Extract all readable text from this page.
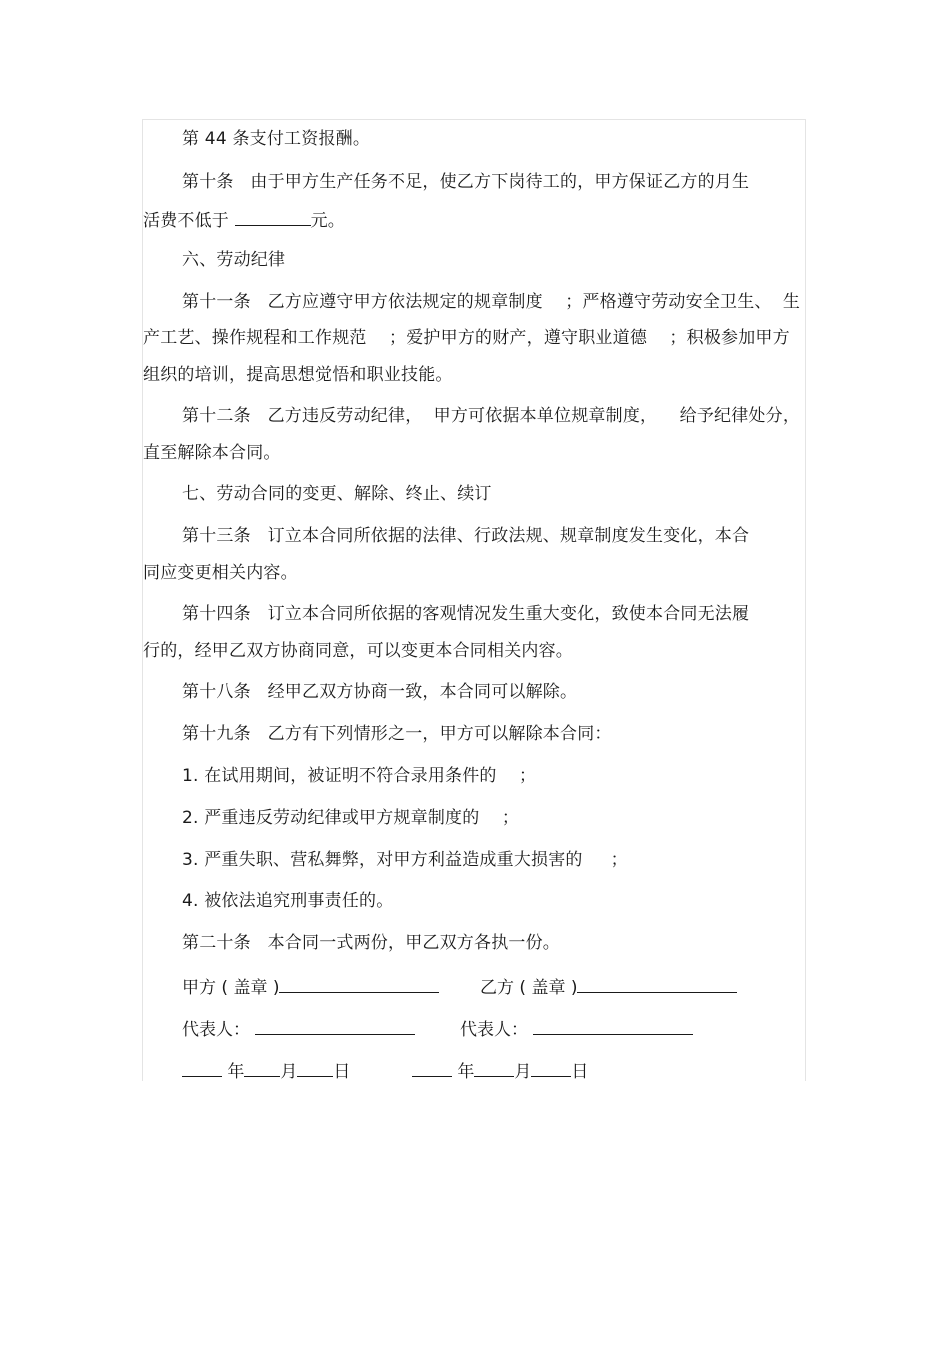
第 44 条支付工资报酬。
第十条   由于甲方生产任务不足，使乙方下岗待工的，甲方保证乙方的月生
活费不低于	元。
六、劳动纪律
第十一条   乙方应遵守甲方依法规定的规章制度    ；严格遵守劳动安全卫生、  生
产工艺、操作规程和工作规范    ；爱护甲方的财产，遵守职业道德    ；积极参加甲方
组织的培训，提高思想觉悟和职业技能。
第十二条   乙方违反劳动纪律，  甲方可依据本单位规章制度，    给予纪律处分，
直至解除本合同。
七、劳动合同的变更、解除、终止、续订
第十三条   订立本合同所依据的法律、行政法规、规章制度发生变化，本合
同应变更相关内容。
第十四条   订立本合同所依据的客观情况发生重大变化，致使本合同无法履
行的，经甲乙双方协商同意，可以变更本合同相关内容。
第十八条   经甲乙双方协商一致，本合同可以解除。
第十九条   乙方有下列情形之一，甲方可以解除本合同：
1. 在试用期间，被证明不符合录用条件的    ；
2. 严重违反劳动纪律或甲方规章制度的    ；
3. 严重失职、营私舞弊，对甲方利益造成重大损害的     ；
4. 被依法追究刑事责任的。
第二十条   本合同一式两份，甲乙双方各执一份。
甲方 ( 盖章 )	乙方 ( 盖章 )
代表人：	代表人：
年 月 日	年 月 日
